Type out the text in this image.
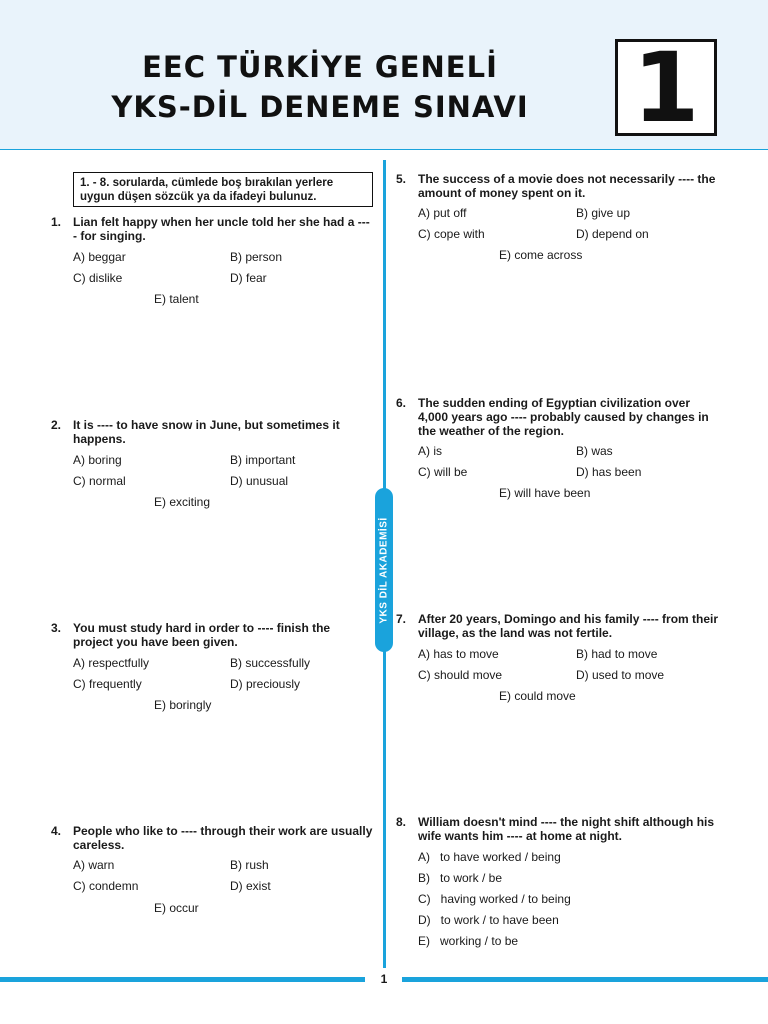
EEC TÜRKİYE GENELİ
YKS-DİL DENEME SINAVI	1
YKS DİL AKADEMİSİ
1. - 8. sorularda, cümlede boş bırakılan yerlere uygun düşen sözcük ya da ifadeyi bulunuz.
1. Lian felt happy when her uncle told her she had a ---- for singing.
A) beggar	B) person
C) dislike	D) fear
E) talent
2. It is ---- to have snow in June, but sometimes it happens.
A) boring	B) important
C) normal	D) unusual
E) exciting
3. You must study hard in order to ---- finish the project you have been given.
A) respectfully	B) successfully
C) frequently	D) preciously
E) boringly
4. People who like to ---- through their work are usually careless.
A) warn	B) rush
C) condemn	D) exist
E) occur
5. The success of a movie does not necessarily ---- the amount of money spent on it.
A) put off	B) give up
C) cope with	D) depend on
E) come across
6. The sudden ending of Egyptian civilization over 4,000 years ago ---- probably caused by changes in the weather of the region.
A) is	B) was
C) will be	D) has been
E) will have been
7. After 20 years, Domingo and his family ---- from their village, as the land was not fertile.
A) has to move	B) had to move
C) should move	D) used to move
E) could move
8. William doesn't mind ---- the night shift although his wife wants him ---- at home at night.
A)   to have worked / being
B)   to work / be
C)   having worked / to being
D)   to work / to have been
E)   working / to be
1
